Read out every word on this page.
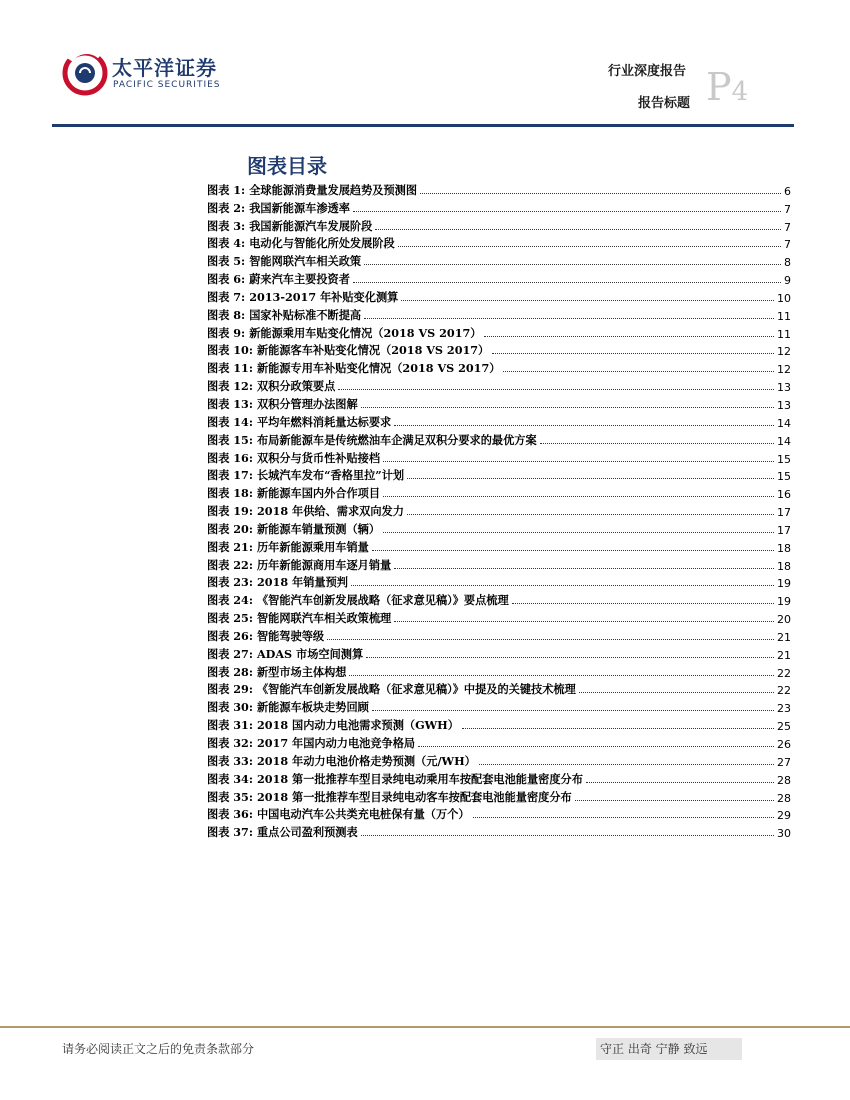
太平洋证券
PACIFIC SECURITIES
行业深度报告
报告标题 P4
图表目录
图表 1: 全球能源消费量发展趋势及预测图	6
图表 2: 我国新能源车渗透率	7
图表 3: 我国新能源汽车发展阶段	7
图表 4: 电动化与智能化所处发展阶段	7
图表 5: 智能网联汽车相关政策	8
图表 6: 蔚来汽车主要投资者	9
图表 7: 2013-2017 年补贴变化测算	10
图表 8: 国家补贴标准不断提高	11
图表 9: 新能源乘用车贴变化情况（2018 VS 2017）	11
图表 10: 新能源客车补贴变化情况（2018 VS 2017）	12
图表 11: 新能源专用车补贴变化情况（2018 VS 2017）	12
图表 12: 双积分政策要点	13
图表 13: 双积分管理办法图解	13
图表 14: 平均年燃料消耗量达标要求	14
图表 15: 布局新能源车是传统燃油车企满足双积分要求的最优方案	14
图表 16: 双积分与货币性补贴接档	15
图表 17: 长城汽车发布“香格里拉”计划	15
图表 18: 新能源车国内外合作项目	16
图表 19: 2018 年供给、需求双向发力	17
图表 20: 新能源车销量预测（辆）	17
图表 21: 历年新能源乘用车销量	18
图表 22: 历年新能源商用车逐月销量	18
图表 23: 2018 年销量预判	19
图表 24: 《智能汽车创新发展战略（征求意见稿）》要点梳理	19
图表 25: 智能网联汽车相关政策梳理	20
图表 26: 智能驾驶等级	21
图表 27: ADAS 市场空间测算	21
图表 28: 新型市场主体构想	22
图表 29: 《智能汽车创新发展战略（征求意见稿）》中提及的关键技术梳理	22
图表 30: 新能源车板块走势回顾	23
图表 31: 2018 国内动力电池需求预测（GWH）	25
图表 32: 2017 年国内动力电池竞争格局	26
图表 33: 2018 年动力电池价格走势预测（元/WH）	27
图表 34: 2018 第一批推荐车型目录纯电动乘用车按配套电池能量密度分布	28
图表 35: 2018 第一批推荐车型目录纯电动客车按配套电池能量密度分布	28
图表 36: 中国电动汽车公共类充电桩保有量（万个）	29
图表 37: 重点公司盈利预测表	30
请务必阅读正文之后的免责条款部分	守正 出奇 宁静 致远
